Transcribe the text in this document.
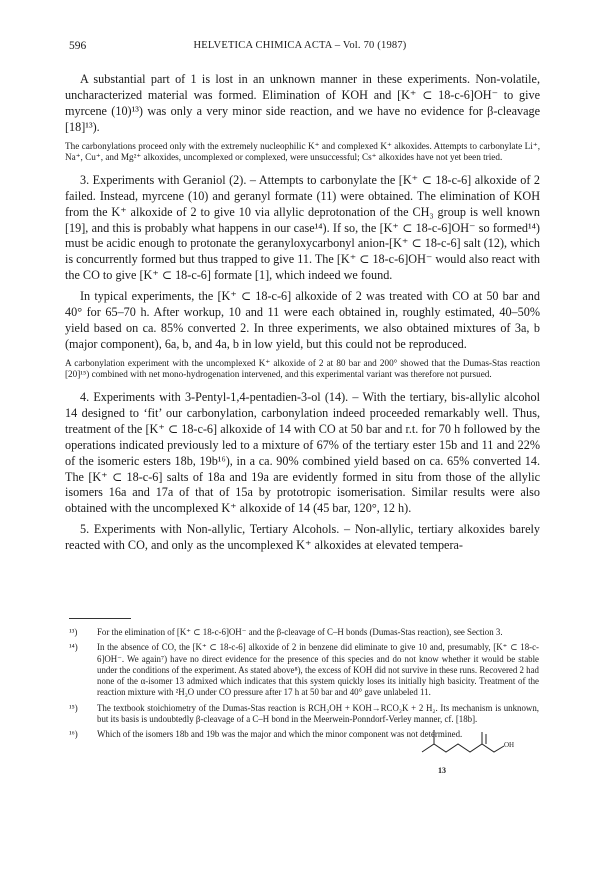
596	HELVETICA CHIMICA ACTA – Vol. 70 (1987)

A substantial part of 1 is lost in an unknown manner in these experiments. Non-volatile, uncharacterized material was formed. Elimination of KOH and [K⁺ ⊂ 18-c-6]OH⁻ to give myrcene (10)¹³) was only a very minor side reaction, and we have no evidence for β-cleavage [18]¹³).

The carbonylations proceed only with the extremely nucleophilic K⁺ and complexed K⁺ alkoxides. Attempts to carbonylate Li⁺, Na⁺, Cu⁺, and Mg²⁺ alkoxides, uncomplexed or complexed, were unsuccessful; Cs⁺ alkoxides have not yet been tried.

3. Experiments with Geraniol (2). – Attempts to carbonylate the [K⁺ ⊂ 18-c-6] alkoxide of 2 failed. Instead, myrcene (10) and geranyl formate (11) were obtained. The elimination of KOH from the K⁺ alkoxide of 2 to give 10 via allylic deprotonation of the CH₃ group is well known [19], and this is probably what happens in our case¹⁴). If so, the [K⁺ ⊂ 18-c-6]OH⁻ so formed¹⁴) must be acidic enough to protonate the geranyloxycarbonyl anion-[K⁺ ⊂ 18-c-6] salt (12), which is concurrently formed but thus trapped to give 11. The [K⁺ ⊂ 18-c-6]OH⁻ would also react with the CO to give [K⁺ ⊂ 18-c-6] formate [1], which indeed we found.

In typical experiments, the [K⁺ ⊂ 18-c-6] alkoxide of 2 was treated with CO at 50 bar and 40° for 65–70 h. After workup, 10 and 11 were each obtained in, roughly estimated, 40–50% yield based on ca. 85% converted 2. In three experiments, we also obtained mixtures of 3a, b (major component), 6a, b, and 4a, b in low yield, but this could not be reproduced.

A carbonylation experiment with the uncomplexed K⁺ alkoxide of 2 at 80 bar and 200° showed that the Dumas-Stas reaction [20]¹⁵) combined with net mono-hydrogenation intervened, and this experimental variant was therefore not pursued.

4. Experiments with 3-Pentyl-1,4-pentadien-3-ol (14). – With the tertiary, bis-allylic alcohol 14 designed to ‘fit’ our carbonylation, carbonylation indeed proceeded remarkably well. Thus, treatment of the [K⁺ ⊂ 18-c-6] alkoxide of 14 with CO at 50 bar and r.t. for 70 h followed by the operations indicated previously led to a mixture of 67% of the tertiary ester 15b and 11 and 22% of the isomeric esters 18b, 19b¹⁶), in a ca. 90% combined yield based on ca. 65% converted 14. The [K⁺ ⊂ 18-c-6] salts of 18a and 19a are evidently formed in situ from those of the allylic isomers 16a and 17a of that of 15a by prototropic isomerisation. Similar results were also obtained with the uncomplexed K⁺ alkoxide of 14 (45 bar, 120°, 12 h).

5. Experiments with Non-allylic, Tertiary Alcohols. – Non-allylic, tertiary alkoxides barely reacted with CO, and only as the uncomplexed K⁺ alkoxides at elevated tempera-

¹³)	For the elimination of [K⁺ ⊂ 18-c-6]OH⁻ and the β-cleavage of C–H bonds (Dumas-Stas reaction), see Section 3.
¹⁴)	In the absence of CO, the [K⁺ ⊂ 18-c-6] alkoxide of 2 in benzene did eliminate to give 10 and, presumably, [K⁺ ⊂ 18-c-6]OH⁻. We again⁷) have no direct evidence for the presence of this species and do not know whether it would be stable under the conditions of the experiment. As stated above⁸), the excess of KOH did not survive in these runs. Recovered 2 had none of the α-isomer 13 admixed which indicates that this system quickly loses its initially high basicity. Treatment of the reaction mixture with ²H₂O under CO pressure after 17 h at 50 bar and 40° gave unlabeled 11.
¹⁵)	The textbook stoichiometry of the Dumas-Stas reaction is RCH₂OH + KOH→RCO₂K + 2 H₂. Its mechanism is unknown, but its basis is undoubtedly β-cleavage of a C–H bond in the Meerwein-Ponndorf-Verley manner, cf. [18b].
¹⁶)	Which of the isomers 18b and 19b was the major and which the minor component was not determined.
OH
13
